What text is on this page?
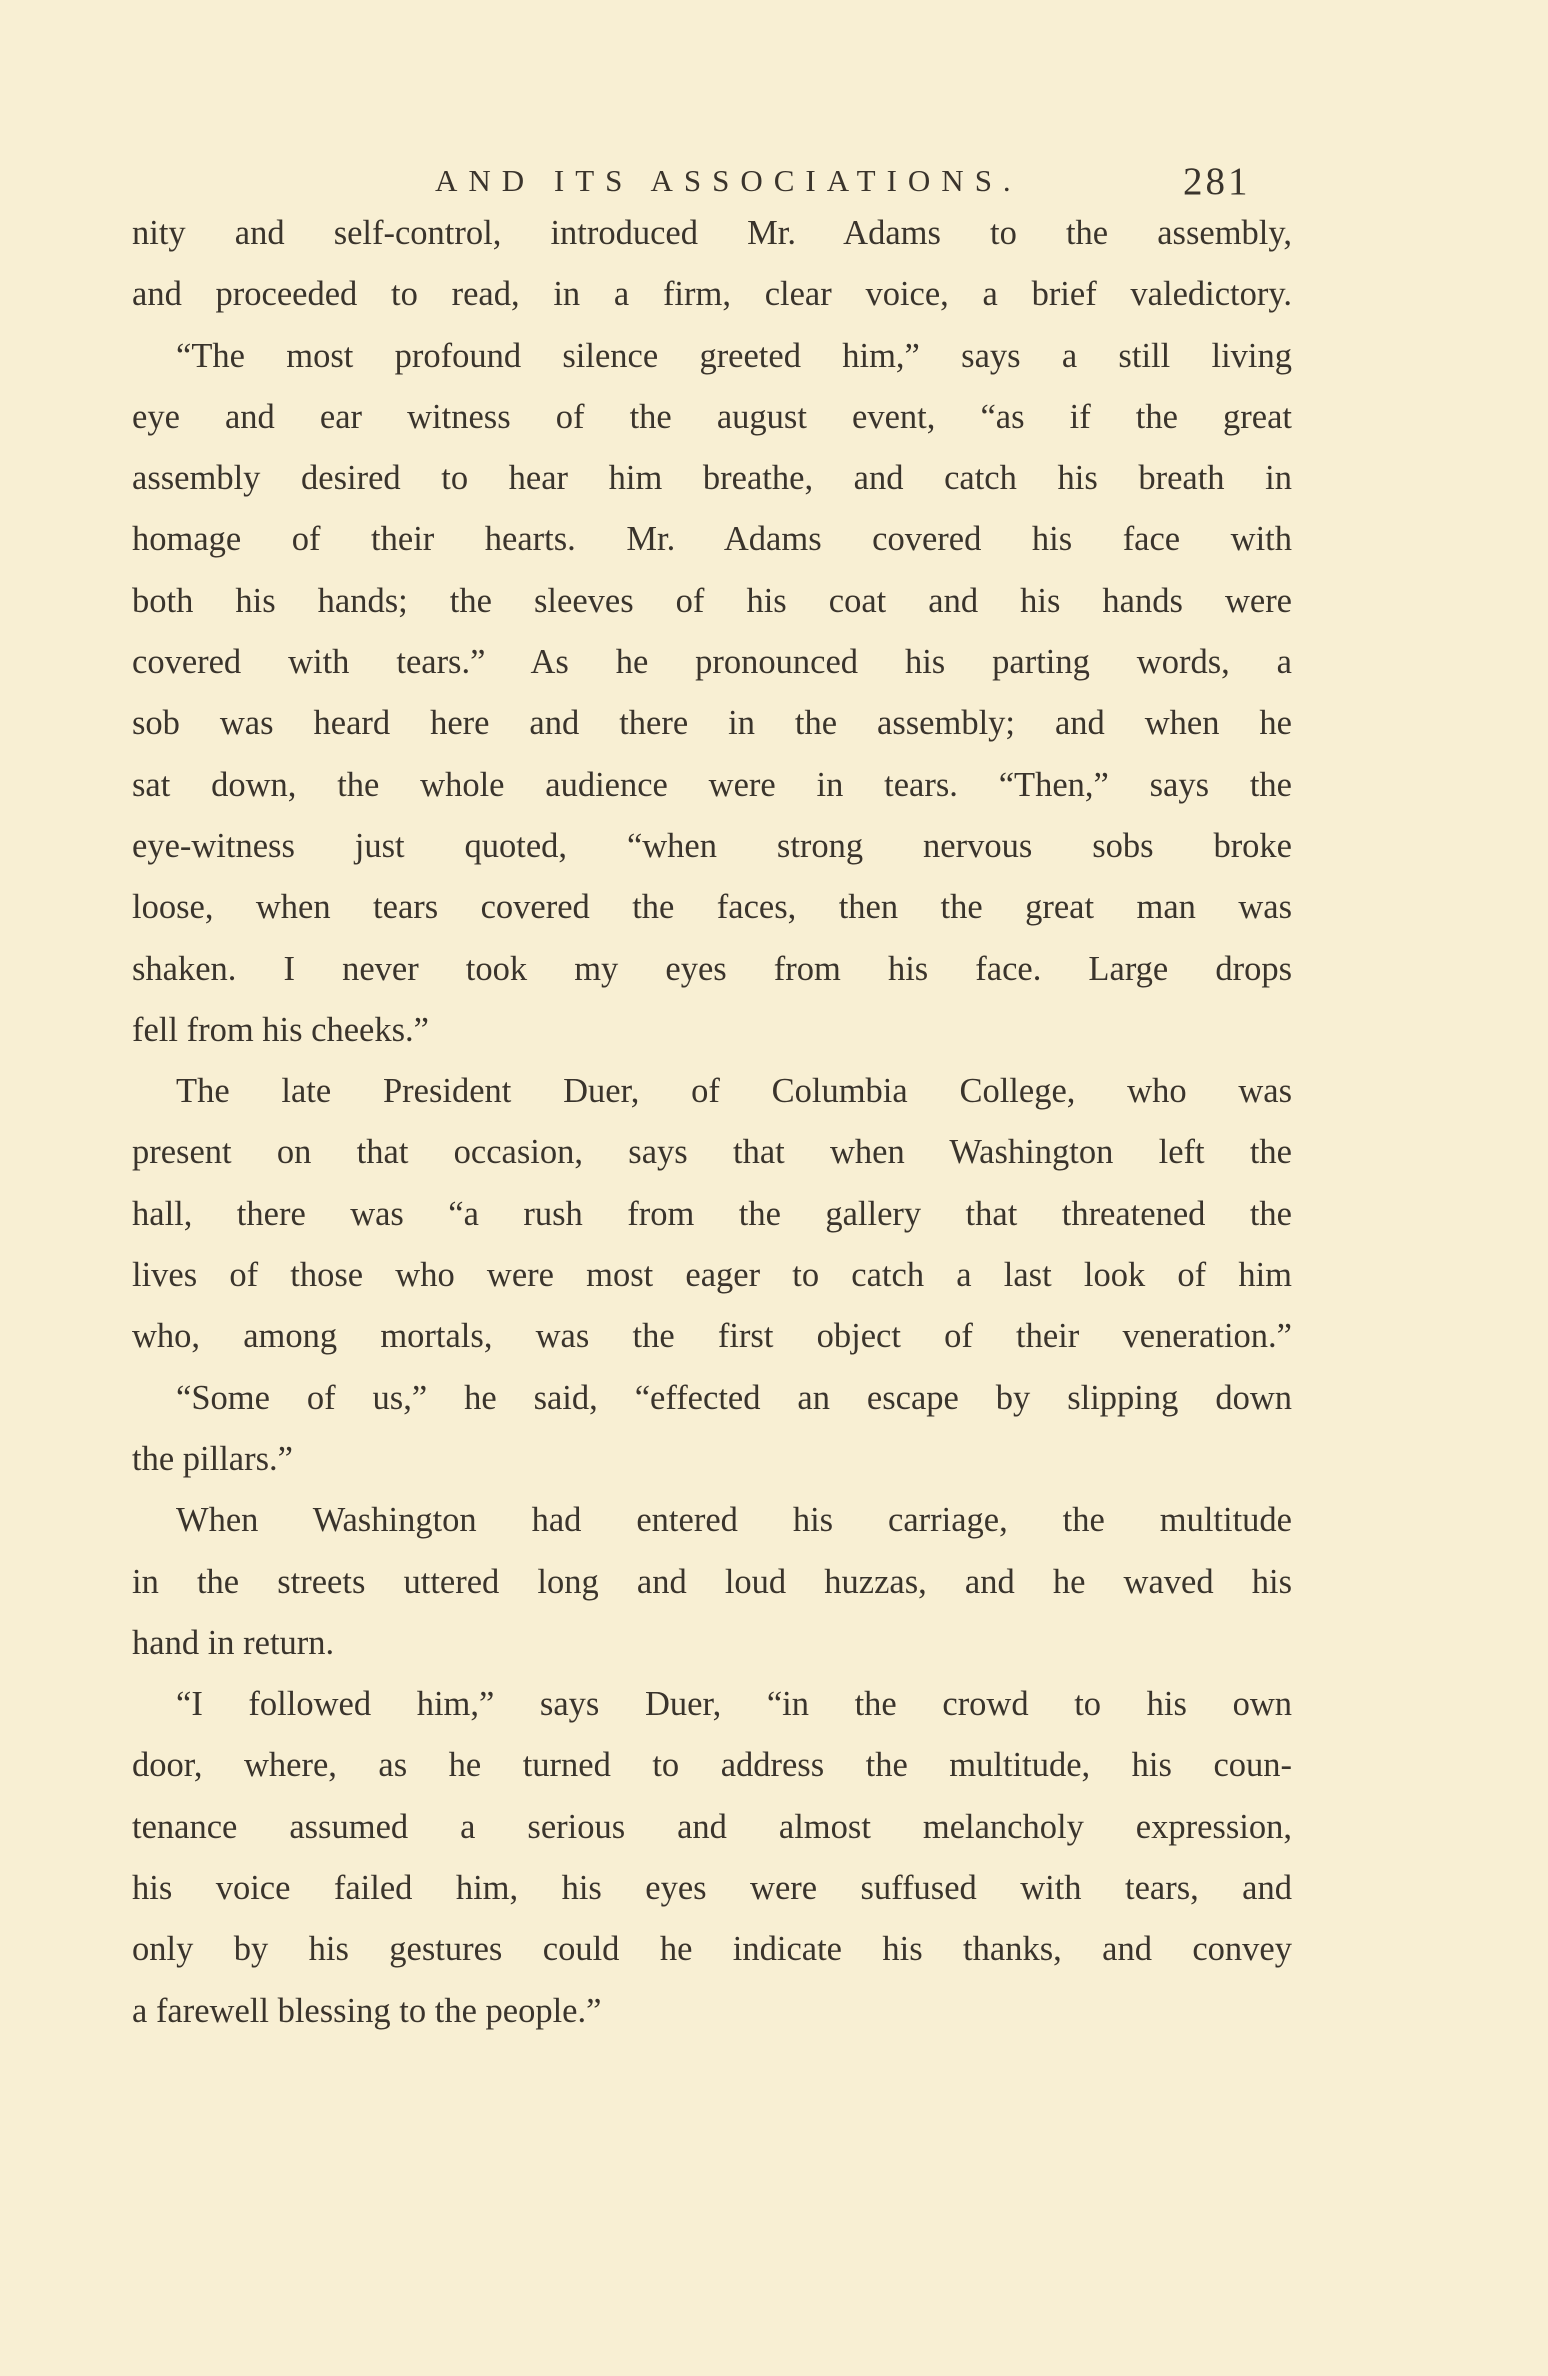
AND ITS ASSOCIATIONS.	281
nity and self-control, introduced Mr. Adams to the assembly,
and proceeded to read, in a firm, clear voice, a brief valedictory.
“The most profound silence greeted him,” says a still living
eye and ear witness of the august event, “as if the great
assembly desired to hear him breathe, and catch his breath in
homage of their hearts. Mr. Adams covered his face with
both his hands; the sleeves of his coat and his hands were
covered with tears.” As he pronounced his parting words, a
sob was heard here and there in the assembly; and when he
sat down, the whole audience were in tears. “Then,” says the
eye-witness just quoted, “when strong nervous sobs broke
loose, when tears covered the faces, then the great man was
shaken. I never took my eyes from his face. Large drops
fell from his cheeks.”
The late President Duer, of Columbia College, who was
present on that occasion, says that when Washington left the
hall, there was “a rush from the gallery that threatened the
lives of those who were most eager to catch a last look of him
who, among mortals, was the first object of their veneration.”
“Some of us,” he said, “effected an escape by slipping down
the pillars.”
When Washington had entered his carriage, the multitude
in the streets uttered long and loud huzzas, and he waved his
hand in return.
“I followed him,” says Duer, “in the crowd to his own
door, where, as he turned to address the multitude, his coun-
tenance assumed a serious and almost melancholy expression,
his voice failed him, his eyes were suffused with tears, and
only by his gestures could he indicate his thanks, and convey
a farewell blessing to the people.”
